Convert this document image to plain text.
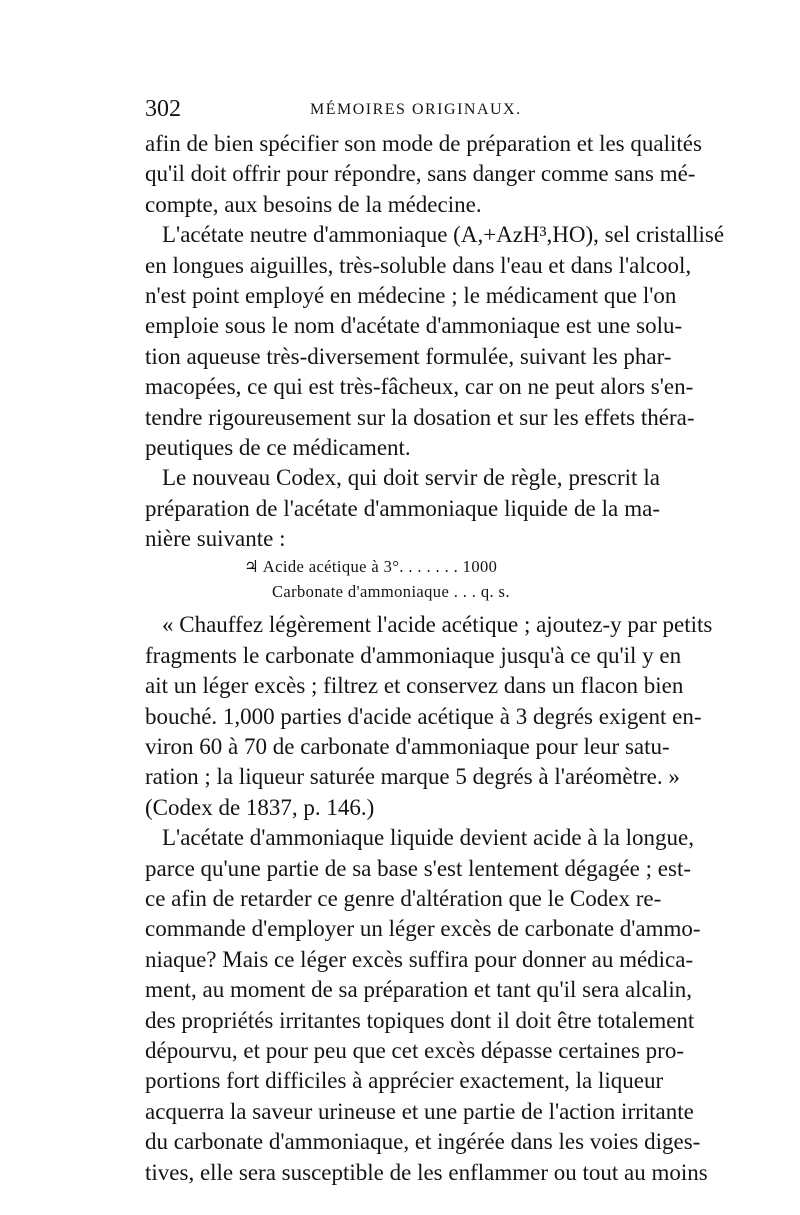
302	MÉMOIRES ORIGINAUX.
afin de bien spécifier son mode de préparation et les qualités
qu'il doit offrir pour répondre, sans danger comme sans mé-
compte, aux besoins de la médecine.
L'acétate neutre d'ammoniaque (A,+AzH³,HO), sel cristallisé
en longues aiguilles, très-soluble dans l'eau et dans l'alcool,
n'est point employé en médecine ; le médicament que l'on
emploie sous le nom d'acétate d'ammoniaque est une solu-
tion aqueuse très-diversement formulée, suivant les phar-
macopées, ce qui est très-fâcheux, car on ne peut alors s'en-
tendre rigoureusement sur la dosation et sur les effets théra-
peutiques de ce médicament.
Le nouveau Codex, qui doit servir de règle, prescrit la
préparation de l'acétate d'ammoniaque liquide de la ma-
nière suivante :
♃ Acide acétique à 3°. . . . . . . 1000
Carbonate d'ammoniaque . . . q. s.
« Chauffez légèrement l'acide acétique ; ajoutez-y par petits
fragments le carbonate d'ammoniaque jusqu'à ce qu'il y en
ait un léger excès ; filtrez et conservez dans un flacon bien
bouché. 1,000 parties d'acide acétique à 3 degrés exigent en-
viron 60 à 70 de carbonate d'ammoniaque pour leur satu-
ration ; la liqueur saturée marque 5 degrés à l'aréomètre. »
(Codex de 1837, p. 146.)
L'acétate d'ammoniaque liquide devient acide à la longue,
parce qu'une partie de sa base s'est lentement dégagée ; est-
ce afin de retarder ce genre d'altération que le Codex re-
commande d'employer un léger excès de carbonate d'ammo-
niaque? Mais ce léger excès suffira pour donner au médica-
ment, au moment de sa préparation et tant qu'il sera alcalin,
des propriétés irritantes topiques dont il doit être totalement
dépourvu, et pour peu que cet excès dépasse certaines pro-
portions fort difficiles à apprécier exactement, la liqueur
acquerra la saveur urineuse et une partie de l'action irritante
du carbonate d'ammoniaque, et ingérée dans les voies diges-
tives, elle sera susceptible de les enflammer ou tout au moins
